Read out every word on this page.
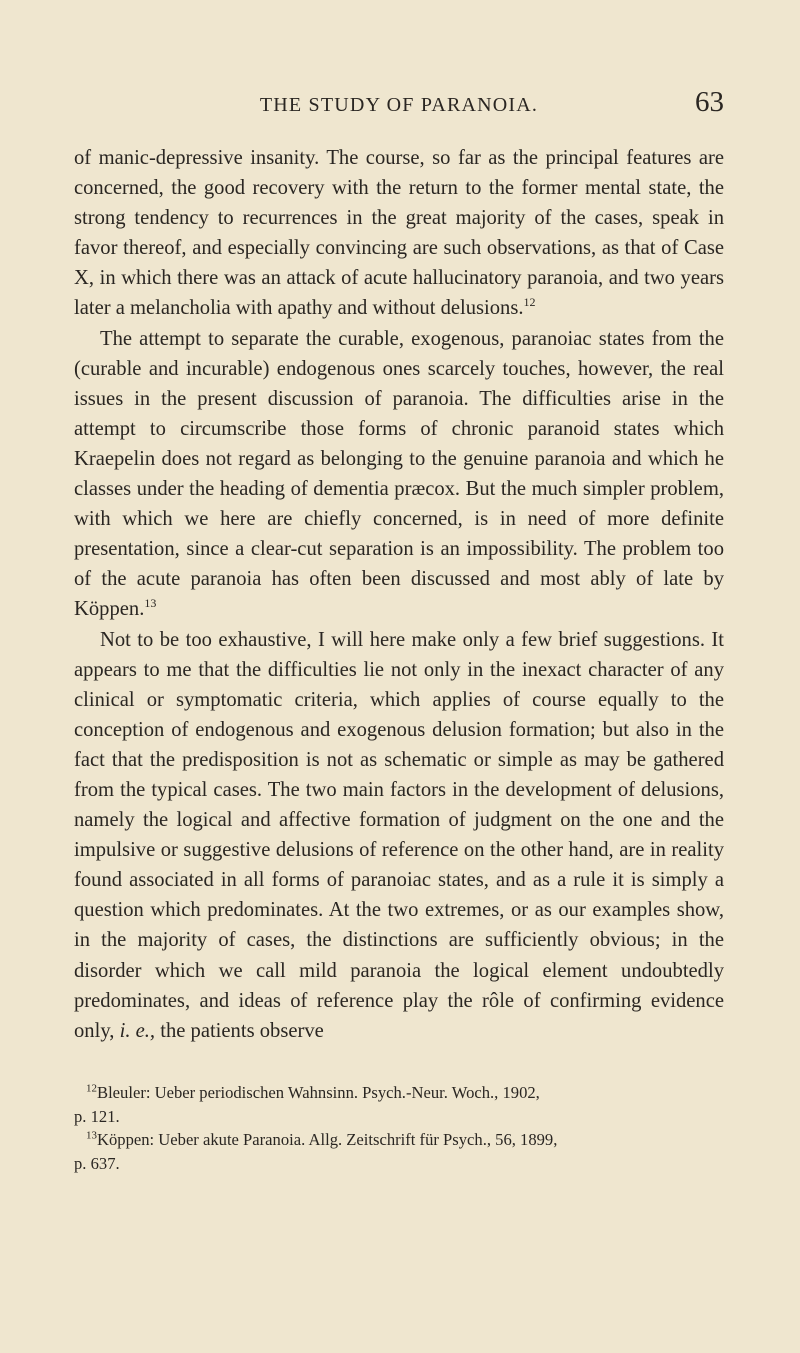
THE STUDY OF PARANOIA.	63

of manic-depressive insanity. The course, so far as the principal features are concerned, the good recovery with the return to the former mental state, the strong tendency to recurrences in the great majority of the cases, speak in favor thereof, and especially convincing are such observations, as that of Case X, in which there was an attack of acute hallucinatory paranoia, and two years later a melancholia with apathy and without delusions.$^{12}$

The attempt to separate the curable, exogenous, paranoiac states from the (curable and incurable) endogenous ones scarcely touches, however, the real issues in the present discussion of paranoia. The difficulties arise in the attempt to circumscribe those forms of chronic paranoid states which Kraepelin does not regard as belonging to the genuine paranoia and which he classes under the heading of dementia præcox. But the much simpler problem, with which we here are chiefly concerned, is in need of more definite presentation, since a clear-cut separation is an impossibility. The problem too of the acute paranoia has often been discussed and most ably of late by Köppen.$^{13}$

Not to be too exhaustive, I will here make only a few brief suggestions. It appears to me that the difficulties lie not only in the inexact character of any clinical or symptomatic criteria, which applies of course equally to the conception of endogenous and exogenous delusion formation; but also in the fact that the predisposition is not as schematic or simple as may be gathered from the typical cases. The two main factors in the development of delusions, namely the logical and affective formation of judgment on the one and the impulsive or suggestive delusions of reference on the other hand, are in reality found associated in all forms of paranoiac states, and as a rule it is simply a question which predominates. At the two extremes, or as our examples show, in the majority of cases, the distinctions are sufficiently obvious; in the disorder which we call mild paranoia the logical element undoubtedly predominates, and ideas of reference play the rôle of confirming evidence only, i. e., the patients observe

$^{12}$Bleuler: Ueber periodischen Wahnsinn. Psych.-Neur. Woch., 1902,

p. 121.

$^{13}$Köppen: Ueber akute Paranoia. Allg. Zeitschrift für Psych., 56, 1899,

p. 637.
